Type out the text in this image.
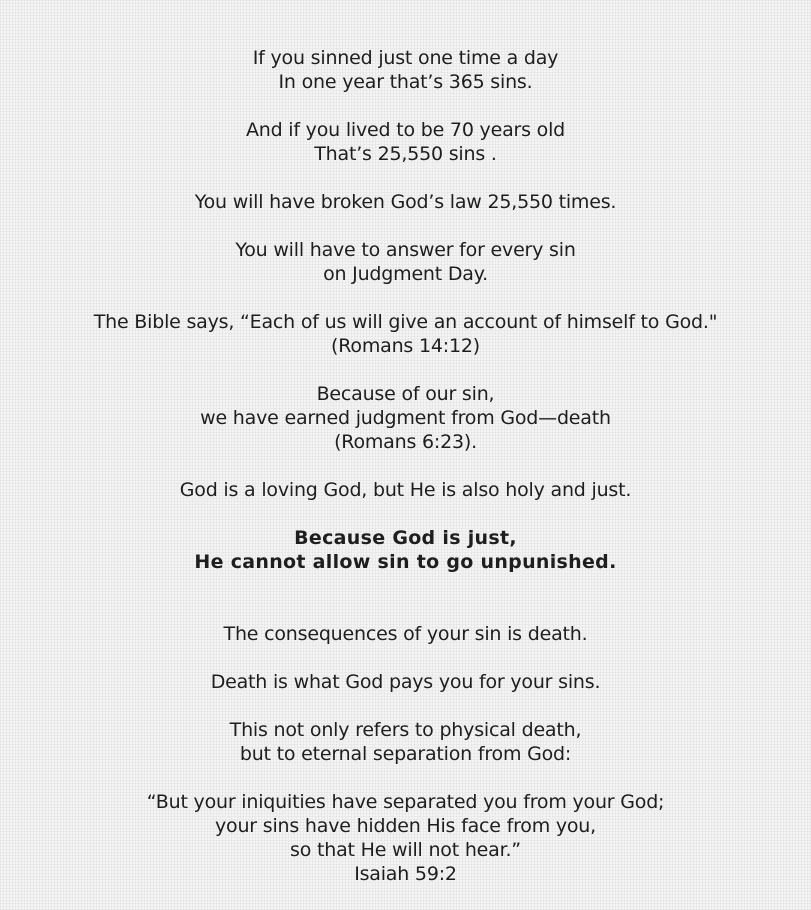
If you sinned just one time a day
In one year that’s 365 sins.

And if you lived to be 70 years old
That’s 25,550 sins .

You will have broken God’s law 25,550 times.

You will have to answer for every sin
on Judgment Day.

The Bible says, “Each of us will give an account of himself to God."
(Romans 14:12)

Because of our sin,
we have earned judgment from God—death
(Romans 6:23).

God is a loving God, but He is also holy and just.

Because God is just,
He cannot allow sin to go unpunished.

The consequences of your sin is death.

Death is what God pays you for your sins.

This not only refers to physical death,
but to eternal separation from God:

“But your iniquities have separated you from your God;
your sins have hidden His face from you,
so that He will not hear.”
Isaiah 59:2
